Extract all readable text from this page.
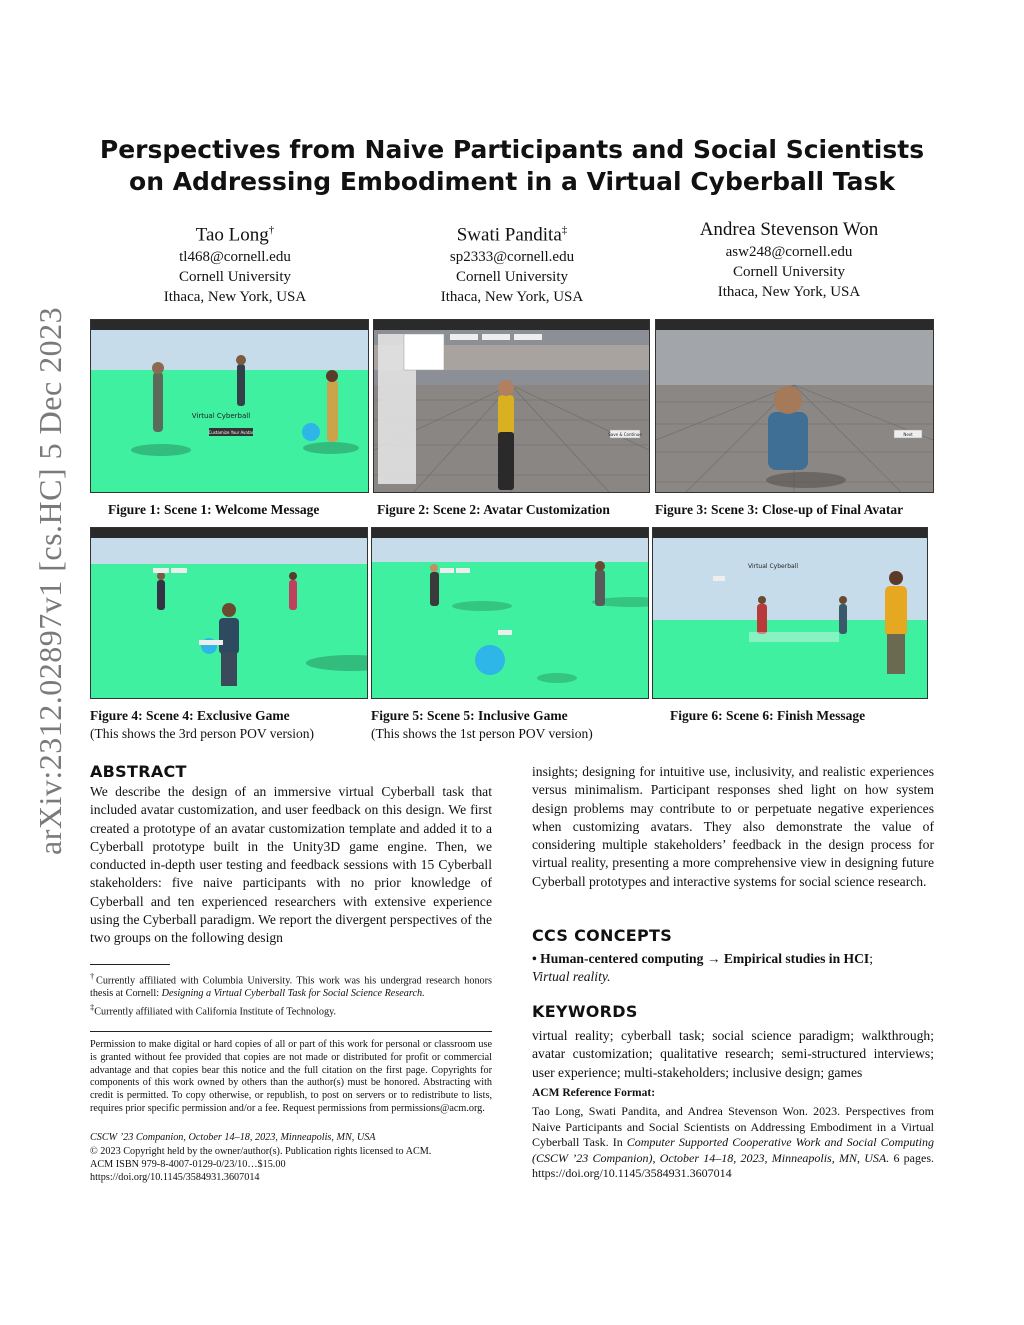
arXiv:2312.02897v1 [cs.HC] 5 Dec 2023
Perspectives from Naive Participants and Social Scientists on Addressing Embodiment in a Virtual Cyberball Task
Tao Long†
tl468@cornell.edu
Cornell University
Ithaca, New York, USA
Swati Pandita‡
sp2333@cornell.edu
Cornell University
Ithaca, New York, USA
Andrea Stevenson Won
asw248@cornell.edu
Cornell University
Ithaca, New York, USA
Virtual Cyberball
Customize Your Avatar
Figure 1: Scene 1: Welcome Message
Save & Continue
Figure 2: Scene 2: Avatar Customization
Next
Figure 3: Scene 3: Close-up of Final Avatar
Figure 4: Scene 4: Exclusive Game
(This shows the 3rd person POV version)
Figure 5: Scene 5: Inclusive Game
(This shows the 1st person POV version)
Virtual Cyberball
Figure 6: Scene 6: Finish Message
ABSTRACT
We describe the design of an immersive virtual Cyberball task that included avatar customization, and user feedback on this design. We first created a prototype of an avatar customization template and added it to a Cyberball prototype built in the Unity3D game engine. Then, we conducted in-depth user testing and feedback sessions with 15 Cyberball stakeholders: five naive participants with no prior knowledge of Cyberball and ten experienced researchers with extensive experience using the Cyberball paradigm. We report the divergent perspectives of the two groups on the following design
insights; designing for intuitive use, inclusivity, and realistic experiences versus minimalism. Participant responses shed light on how system design problems may contribute to or perpetuate negative experiences when customizing avatars. They also demonstrate the value of considering multiple stakeholders’ feedback in the design process for virtual reality, presenting a more comprehensive view in designing future Cyberball prototypes and interactive systems for social science research.
†Currently affiliated with Columbia University. This work was his undergrad research honors thesis at Cornell: Designing a Virtual Cyberball Task for Social Science Research.
‡Currently affiliated with California Institute of Technology.
Permission to make digital or hard copies of all or part of this work for personal or classroom use is granted without fee provided that copies are not made or distributed for profit or commercial advantage and that copies bear this notice and the full citation on the first page. Copyrights for components of this work owned by others than the author(s) must be honored. Abstracting with credit is permitted. To copy otherwise, or republish, to post on servers or to redistribute to lists, requires prior specific permission and/or a fee. Request permissions from permissions@acm.org.
CSCW ’23 Companion, October 14–18, 2023, Minneapolis, MN, USA
© 2023 Copyright held by the owner/author(s). Publication rights licensed to ACM.
ACM ISBN 979-8-4007-0129-0/23/10…$15.00
https://doi.org/10.1145/3584931.3607014
CCS CONCEPTS
• Human-centered computing → Empirical studies in HCI;
Virtual reality.
KEYWORDS
virtual reality; cyberball task; social science paradigm; walkthrough; avatar customization; qualitative research; semi-structured interviews; user experience; multi-stakeholders; inclusive design; games
ACM Reference Format:
Tao Long, Swati Pandita, and Andrea Stevenson Won. 2023. Perspectives from Naive Participants and Social Scientists on Addressing Embodiment in a Virtual Cyberball Task. In Computer Supported Cooperative Work and Social Computing (CSCW ’23 Companion), October 14–18, 2023, Minneapolis, MN, USA. 6 pages. https://doi.org/10.1145/3584931.3607014
